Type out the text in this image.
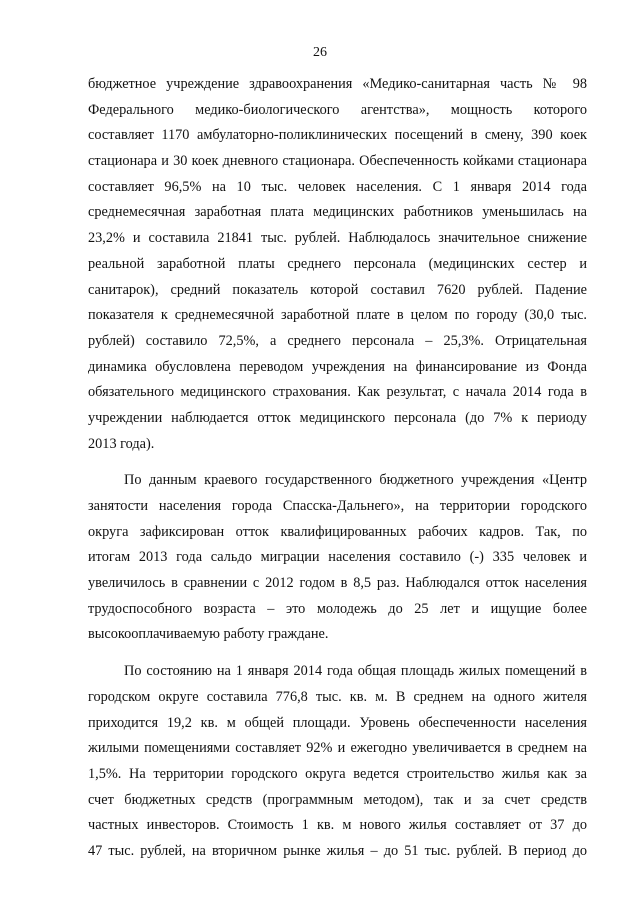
26
бюджетное учреждение здравоохранения «Медико-санитарная часть № 98
Федерального медико-биологического агентства», мощность которого
составляет 1170 амбулаторно-поликлинических посещений в смену, 390 коек
стационара и 30 коек дневного стационара. Обеспеченность койками стационара
составляет 96,5% на 10 тыс. человек населения. С 1 января 2014 года
среднемесячная заработная плата медицинских работников уменьшилась на
23,2% и составила 21841 тыс. рублей. Наблюдалось значительное снижение
реальной заработной платы среднего персонала (медицинских сестер и
санитарок), средний показатель которой составил 7620 рублей. Падение
показателя к среднемесячной заработной плате в целом по городу (30,0 тыс.
рублей) составило 72,5%, а среднего персонала – 25,3%. Отрицательная
динамика обусловлена переводом учреждения на финансирование из Фонда
обязательного медицинского страхования. Как результат, с начала 2014 года в
учреждении наблюдается отток медицинского персонала (до 7% к периоду
2013 года).
По данным краевого государственного бюджетного учреждения «Центр
занятости населения города Спасска-Дальнего», на территории городского
округа зафиксирован отток квалифицированных рабочих кадров. Так, по
итогам 2013 года сальдо миграции населения составило (-) 335 человек и
увеличилось в сравнении с 2012 годом в 8,5 раз. Наблюдался отток населения
трудоспособного возраста – это молодежь до 25 лет и ищущие более
высокооплачиваемую работу граждане.
По состоянию на 1 января 2014 года общая площадь жилых помещений в
городском округе составила 776,8 тыс. кв. м. В среднем на одного жителя
приходится 19,2 кв. м общей площади. Уровень обеспеченности населения
жилыми помещениями составляет 92% и ежегодно увеличивается в среднем на
1,5%. На территории городского округа ведется строительство жилья как за
счет бюджетных средств (программным методом), так и за счет средств
частных инвесторов. Стоимость 1 кв. м нового жилья составляет от 37 до
47 тыс. рублей, на вторичном рынке жилья – до 51 тыс. рублей. В период до
